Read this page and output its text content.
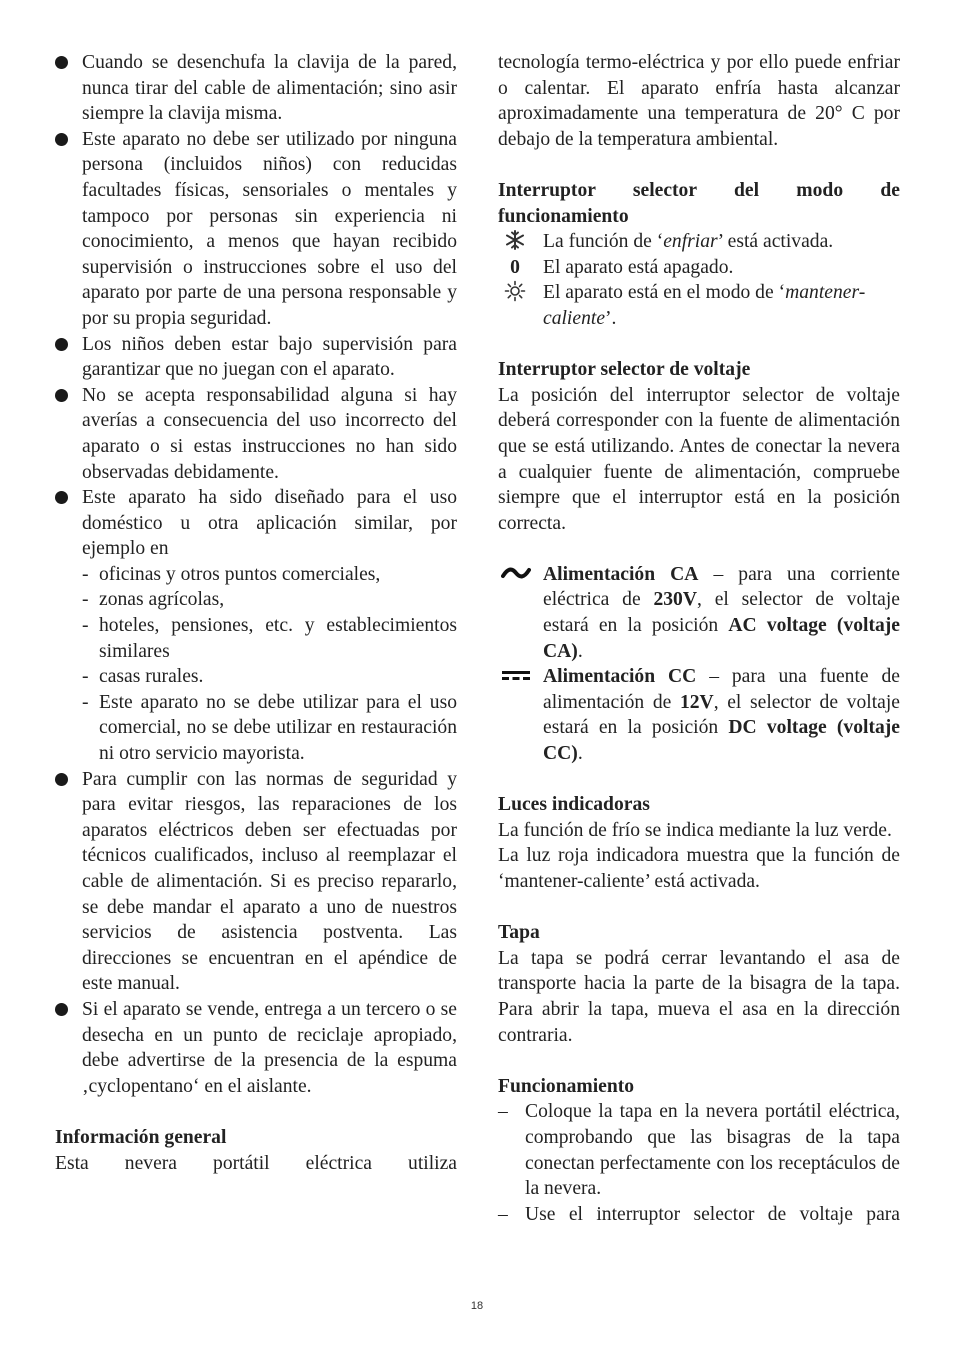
Cuando se desenchufa la clavija de la pared, nunca tirar del cable de alimentación; sino asir siempre la clavija misma.
Este aparato no debe ser utilizado por ninguna persona (incluidos niños) con reducidas facultades físicas, sensoriales o mentales y tampoco por personas sin experiencia ni conocimiento, a menos que hayan recibido supervisión o instrucciones sobre el uso del aparato por parte de una persona responsable y por su propia seguridad.
Los niños deben estar bajo supervisión para garantizar que no juegan con el aparato.
No se acepta responsabilidad alguna si hay averías a consecuencia del uso incorrecto del aparato o si estas instrucciones no han sido observadas debidamente.
Este aparato ha sido diseñado para el uso doméstico u otra aplicación similar, por ejemplo en
- oficinas y otros puntos comerciales,
- zonas agrícolas,
- hoteles, pensiones, etc. y establecimientos similares
- casas rurales.
- Este aparato no se debe utilizar para el uso comercial, no se debe utilizar en restauración ni otro servicio mayorista.
Para cumplir con las normas de seguridad y para evitar riesgos, las reparaciones de los aparatos eléctricos deben ser efectuadas por técnicos cualificados, incluso al reemplazar el cable de alimentación. Si es preciso repararlo, se debe mandar el aparato a uno de nuestros servicios de asistencia postventa. Las direcciones se encuentran en el apéndice de este manual.
Si el aparato se vende, entrega a un tercero o se desecha en un punto de reciclaje apropiado, debe advertirse de la presencia de la espuma ‚cyclopentano‘ en el aislante.

Información general

Esta nevera portátil eléctrica utiliza

tecnología termo-eléctrica y por ello puede enfriar o calentar. El aparato enfría hasta alcanzar aproximadamente una temperatura de 20° C por debajo de la temperatura ambiental.

Interruptor selector del modo de funcionamiento

La función de ‘enfriar’ está activada.
0	El aparato está apagado.
El aparato está en el modo de ‘mantener-caliente’.

Interruptor selector de voltaje

La posición del interruptor selector de voltaje deberá corresponder con la fuente de alimentación que se está utilizando. Antes de conectar la nevera a cualquier fuente de alimentación, compruebe siempre que el interruptor está en la posición correcta.

Alimentación CA – para una corriente eléctrica de 230V, el selector de voltaje estará en la posición AC voltage (voltaje CA).
Alimentación CC – para una fuente de alimentación de 12V, el selector de voltaje estará en la posición DC voltage (voltaje CC).

Luces indicadoras

La función de frío se indica mediante la luz verde.

La luz roja indicadora muestra que la función de ‘mantener-caliente’ está activada.

Tapa

La tapa se podrá cerrar levantando el asa de transporte hacia la parte de la bisagra de la tapa. Para abrir la tapa, mueva el asa en la dirección contraria.

Funcionamiento

– Coloque la tapa en la nevera portátil eléctrica, comprobando que las bisagras de la tapa conectan perfectamente con los receptáculos de la nevera.
– Use el interruptor selector de voltaje para
18
